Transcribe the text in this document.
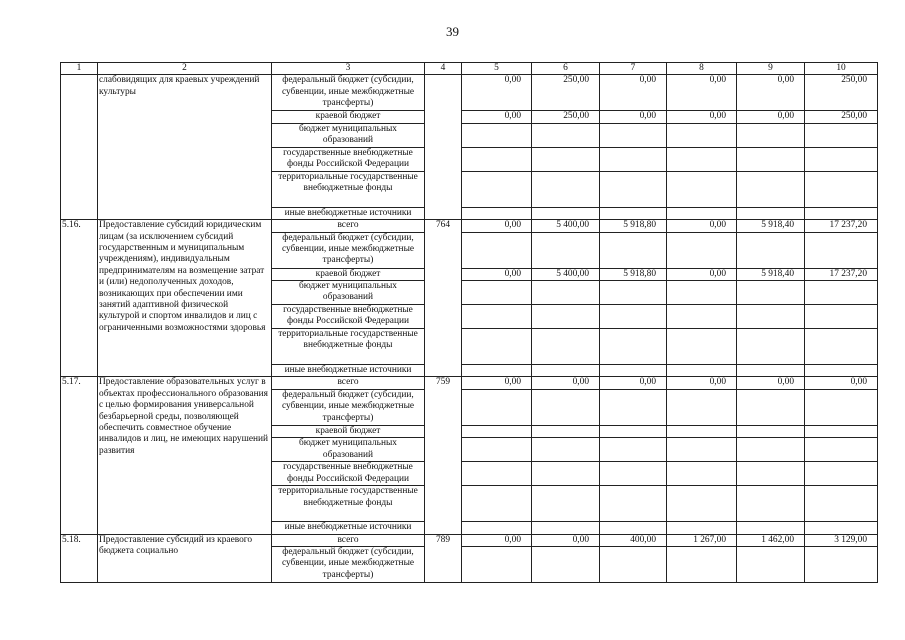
39
1	2	3	4	5	6	7	8	9	10
	слабовидящих для краевых учреждений культуры	федеральный бюджет (субсидии, субвенции, иные межбюджетные трансферты)		0,00	250,00	0,00	0,00	0,00	250,00
		краевой бюджет		0,00	250,00	0,00	0,00	0,00	250,00
		бюджет муниципальных образований							
		государственные внебюджетные фонды Российской Федерации							
		территориальные государственные внебюджетные фонды							
		иные внебюджетные источники							
5.16.	Предоставление субсидий юридическим лицам (за исключением субсидий государственным и муниципальным учреждениям), индивидуальным предпринимателям на возмещение затрат и (или) недополученных доходов, возникающих при обеспечении ими занятий адаптивной физической культурой и спортом инвалидов и лиц с ограниченными возможностями здоровья	всего	764	0,00	5 400,00	5 918,80	0,00	5 918,40	17 237,20
		федеральный бюджет (субсидии, субвенции, иные межбюджетные трансферты)							
		краевой бюджет		0,00	5 400,00	5 918,80	0,00	5 918,40	17 237,20
		бюджет муниципальных образований							
		государственные внебюджетные фонды Российской Федерации							
		территориальные государственные внебюджетные фонды							
		иные внебюджетные источники							
5.17.	Предоставление образовательных услуг в объектах профессионального образования с целью формирования универсальной безбарьерной среды, позволяющей обеспечить совместное обучение инвалидов и лиц, не имеющих нарушений развития	всего	759	0,00	0,00	0,00	0,00	0,00	0,00
		федеральный бюджет (субсидии, субвенции, иные межбюджетные трансферты)							
		краевой бюджет							
		бюджет муниципальных образований							
		государственные внебюджетные фонды Российской Федерации							
		территориальные государственные внебюджетные фонды							
		иные внебюджетные источники							
5.18.	Предоставление субсидий из краевого бюджета социально	всего	789	0,00	0,00	400,00	1 267,00	1 462,00	3 129,00
		федеральный бюджет (субсидии, субвенции, иные межбюджетные трансферты)							
